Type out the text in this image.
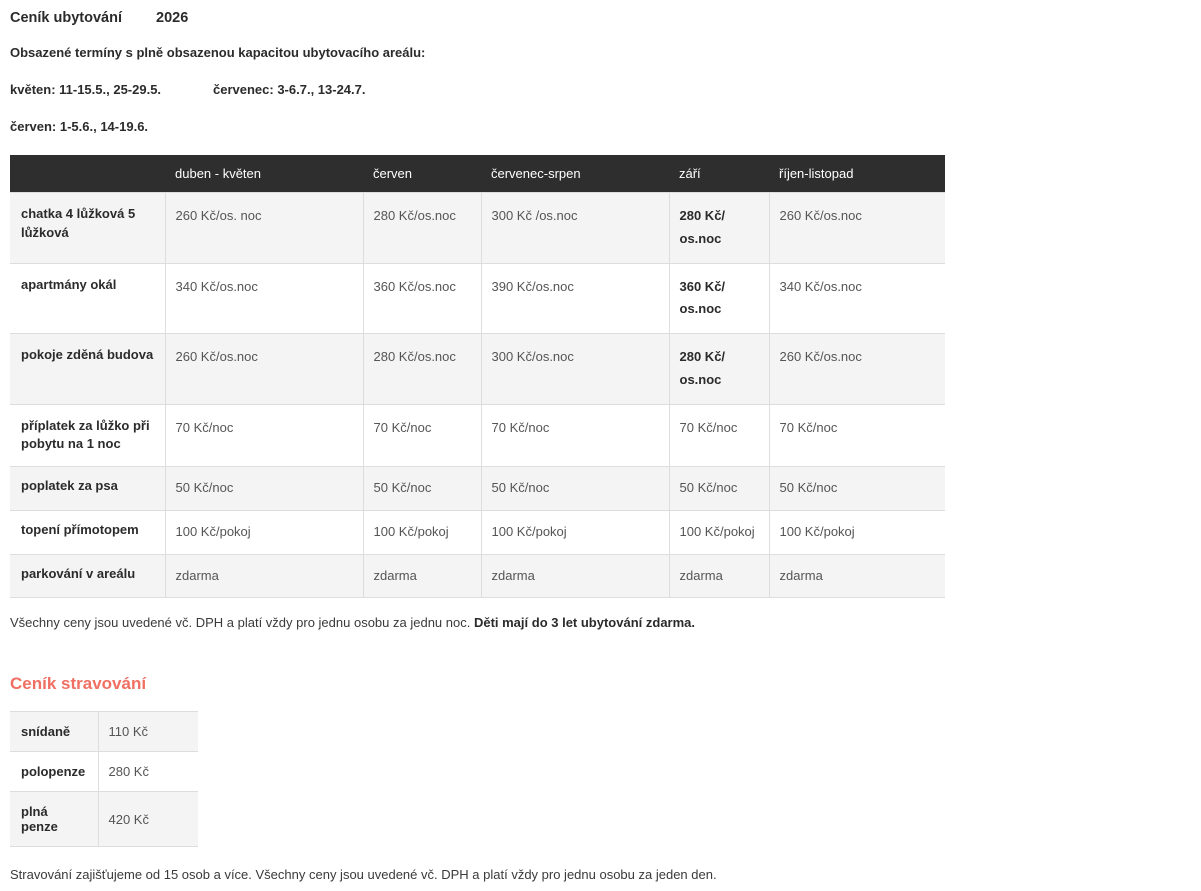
Ceník ubytování 2026
Obsazené termíny s plně obsazenou kapacitou ubytovacího areálu:
květen: 11-15.5., 25-29.5.	červenec: 3-6.7., 13-24.7.
červen: 1-5.6., 14-19.6.
	duben - květen	červen	červenec-srpen	září	říjen-listopad
chatka 4 lůžková 5 lůžková	260 Kč/os. noc	280 Kč/os.noc	300 Kč /os.noc	280 Kč/ os.noc	260 Kč/os.noc
apartmány okál	340 Kč/os.noc	360 Kč/os.noc	390 Kč/os.noc	360 Kč/ os.noc	340 Kč/os.noc
pokoje zděná budova	260 Kč/os.noc	280 Kč/os.noc	300 Kč/os.noc	280 Kč/ os.noc	260 Kč/os.noc
příplatek za lůžko při pobytu na 1 noc	70 Kč/noc	70 Kč/noc	70 Kč/noc	70 Kč/noc	70 Kč/noc
poplatek za psa	50 Kč/noc	50 Kč/noc	50 Kč/noc	50 Kč/noc	50 Kč/noc
topení přímotopem	100 Kč/pokoj	100 Kč/pokoj	100 Kč/pokoj	100 Kč/pokoj	100 Kč/pokoj
parkování v areálu	zdarma	zdarma	zdarma	zdarma	zdarma

Všechny ceny jsou uvedené vč. DPH a platí vždy pro jednu osobu za jednu noc. Děti mají do 3 let ubytování zdarma.

Ceník stravování
snídaně	110 Kč
polopenze	280 Kč
plná penze	420 Kč

Stravování zajišťujeme od 15 osob a více. Všechny ceny jsou uvedené vč. DPH a platí vždy pro jednu osobu za jeden den.
